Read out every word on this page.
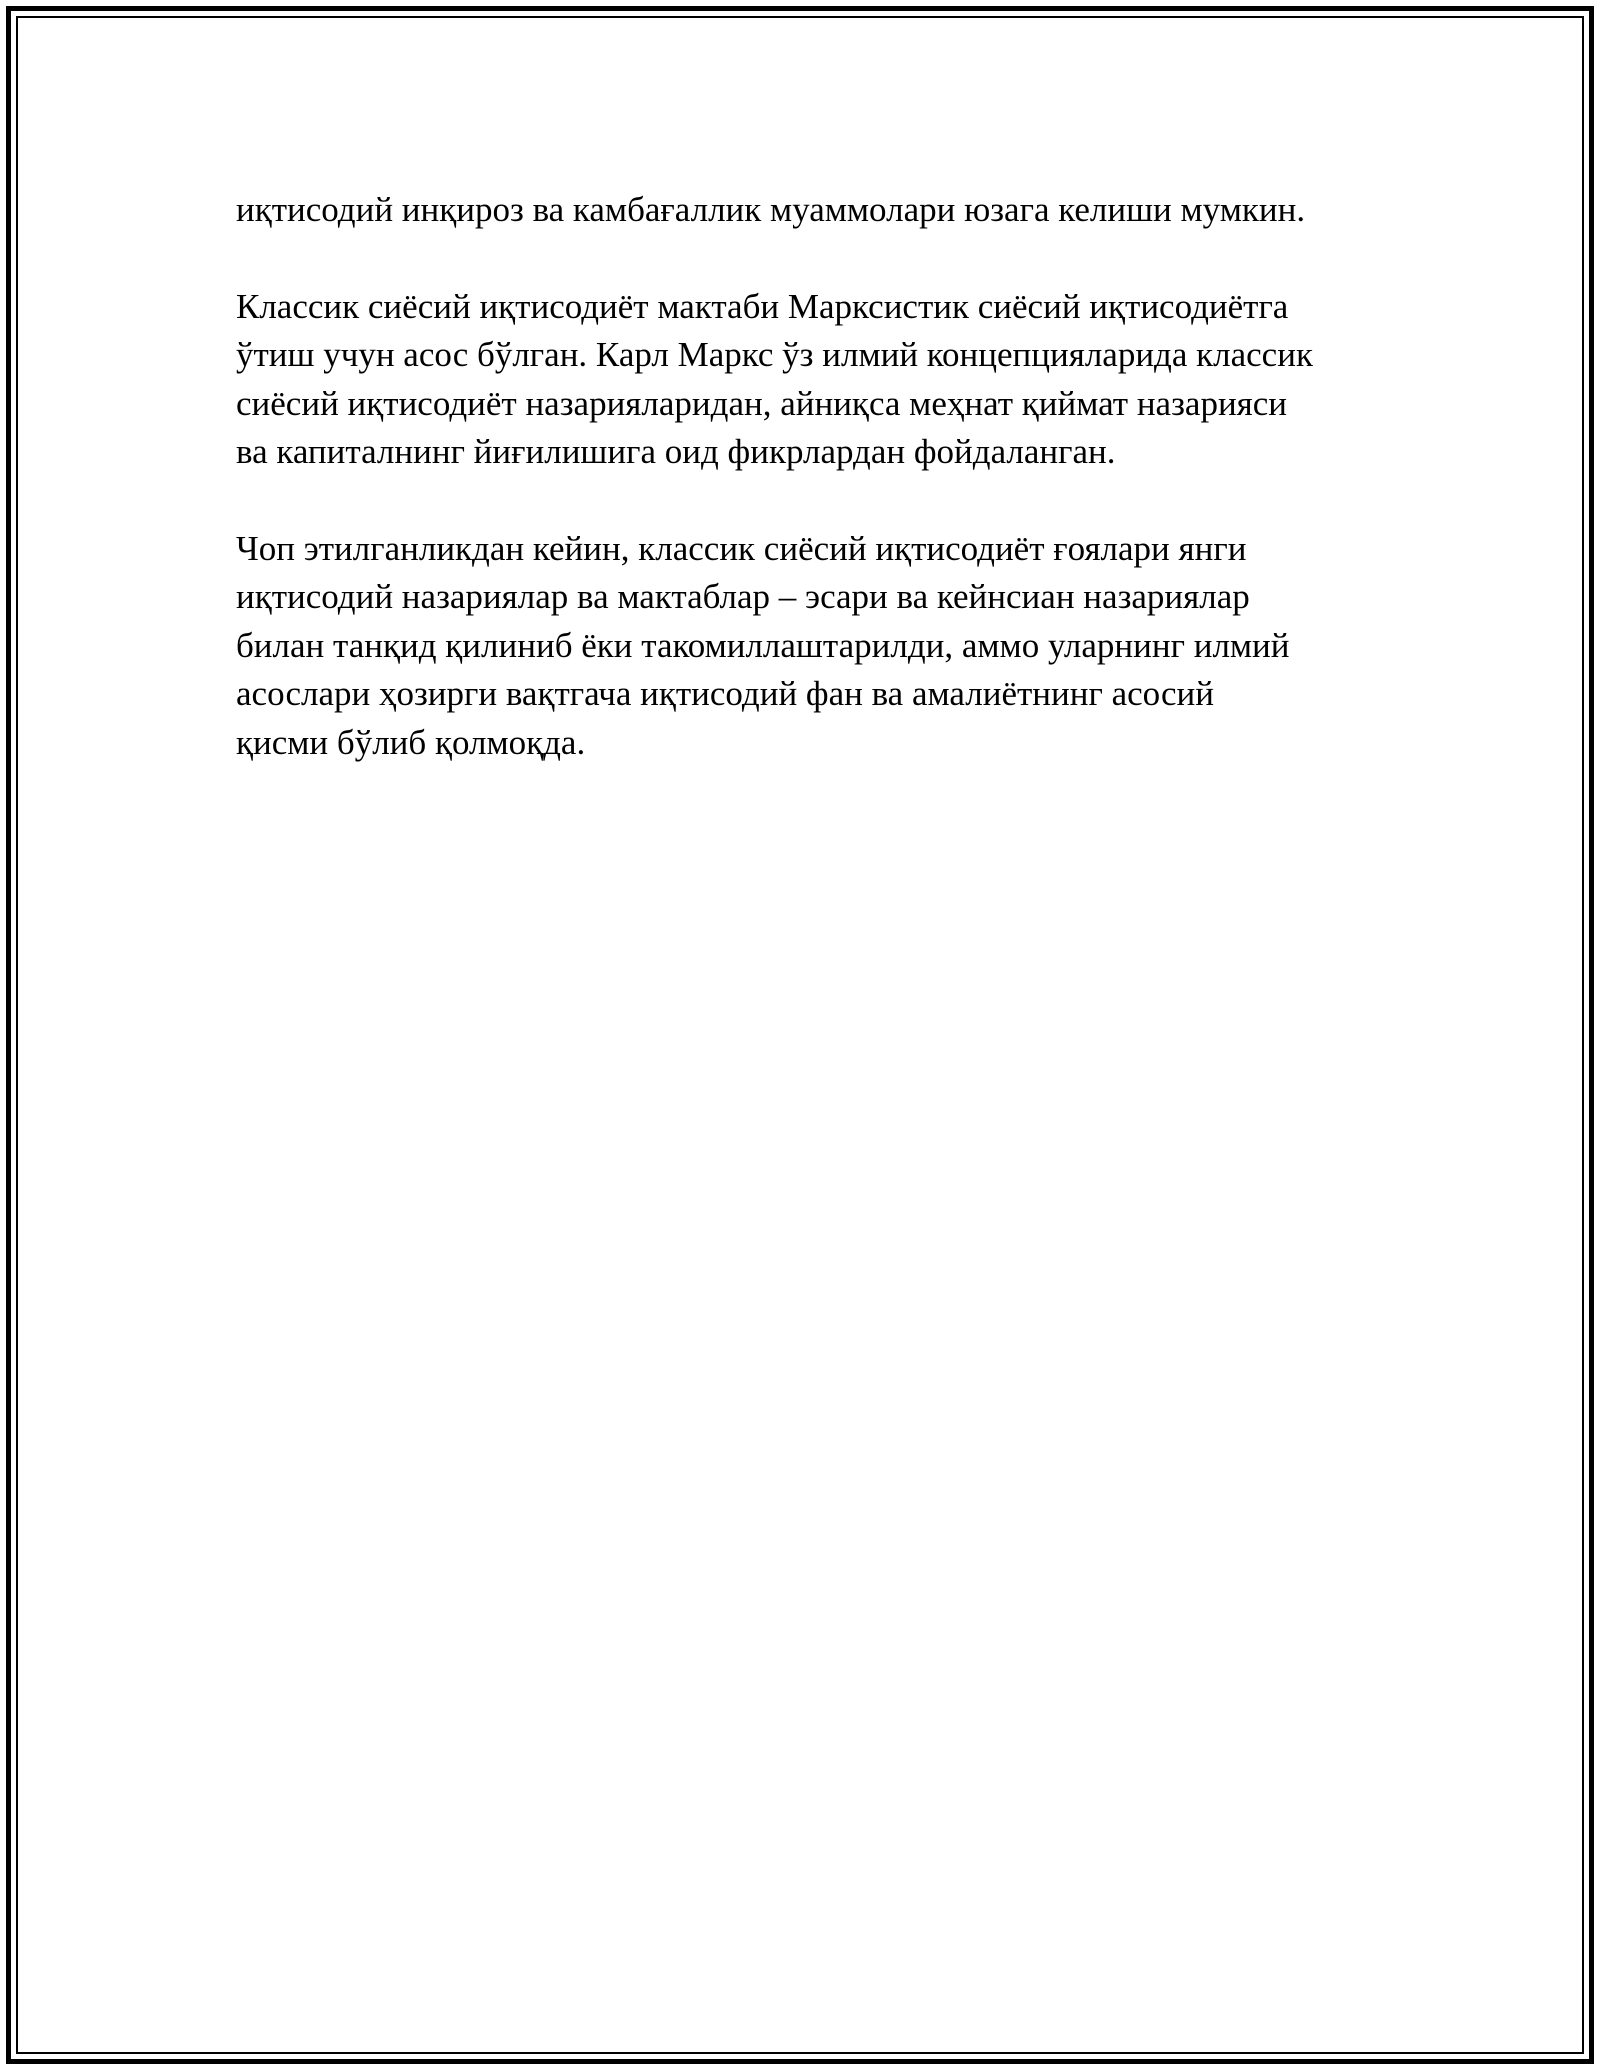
иқтисодий инқироз ва камбағаллик муаммолари юзага келиши мумкин.

Классик сиёсий иқтисодиёт мактаби Марксистик сиёсий иқтисодиётга
ўтиш учун асос бўлган. Карл Маркс ўз илмий концепцияларида классик
сиёсий иқтисодиёт назарияларидан, айниқса меҳнат қиймат назарияси
ва капиталнинг йиғилишига оид фикрлардан фойдаланган.

Чоп этилганликдан кейин, классик сиёсий иқтисодиёт ғоялари янги
иқтисодий назариялар ва мактаблар – эсари ва кейнсиан назариялар
билан танқид қилиниб ёки такомиллаштарилди, аммо уларнинг илмий
асослари ҳозирги вақтгача иқтисодий фан ва амалиётнинг асосий
қисми бўлиб қолмоқда.
